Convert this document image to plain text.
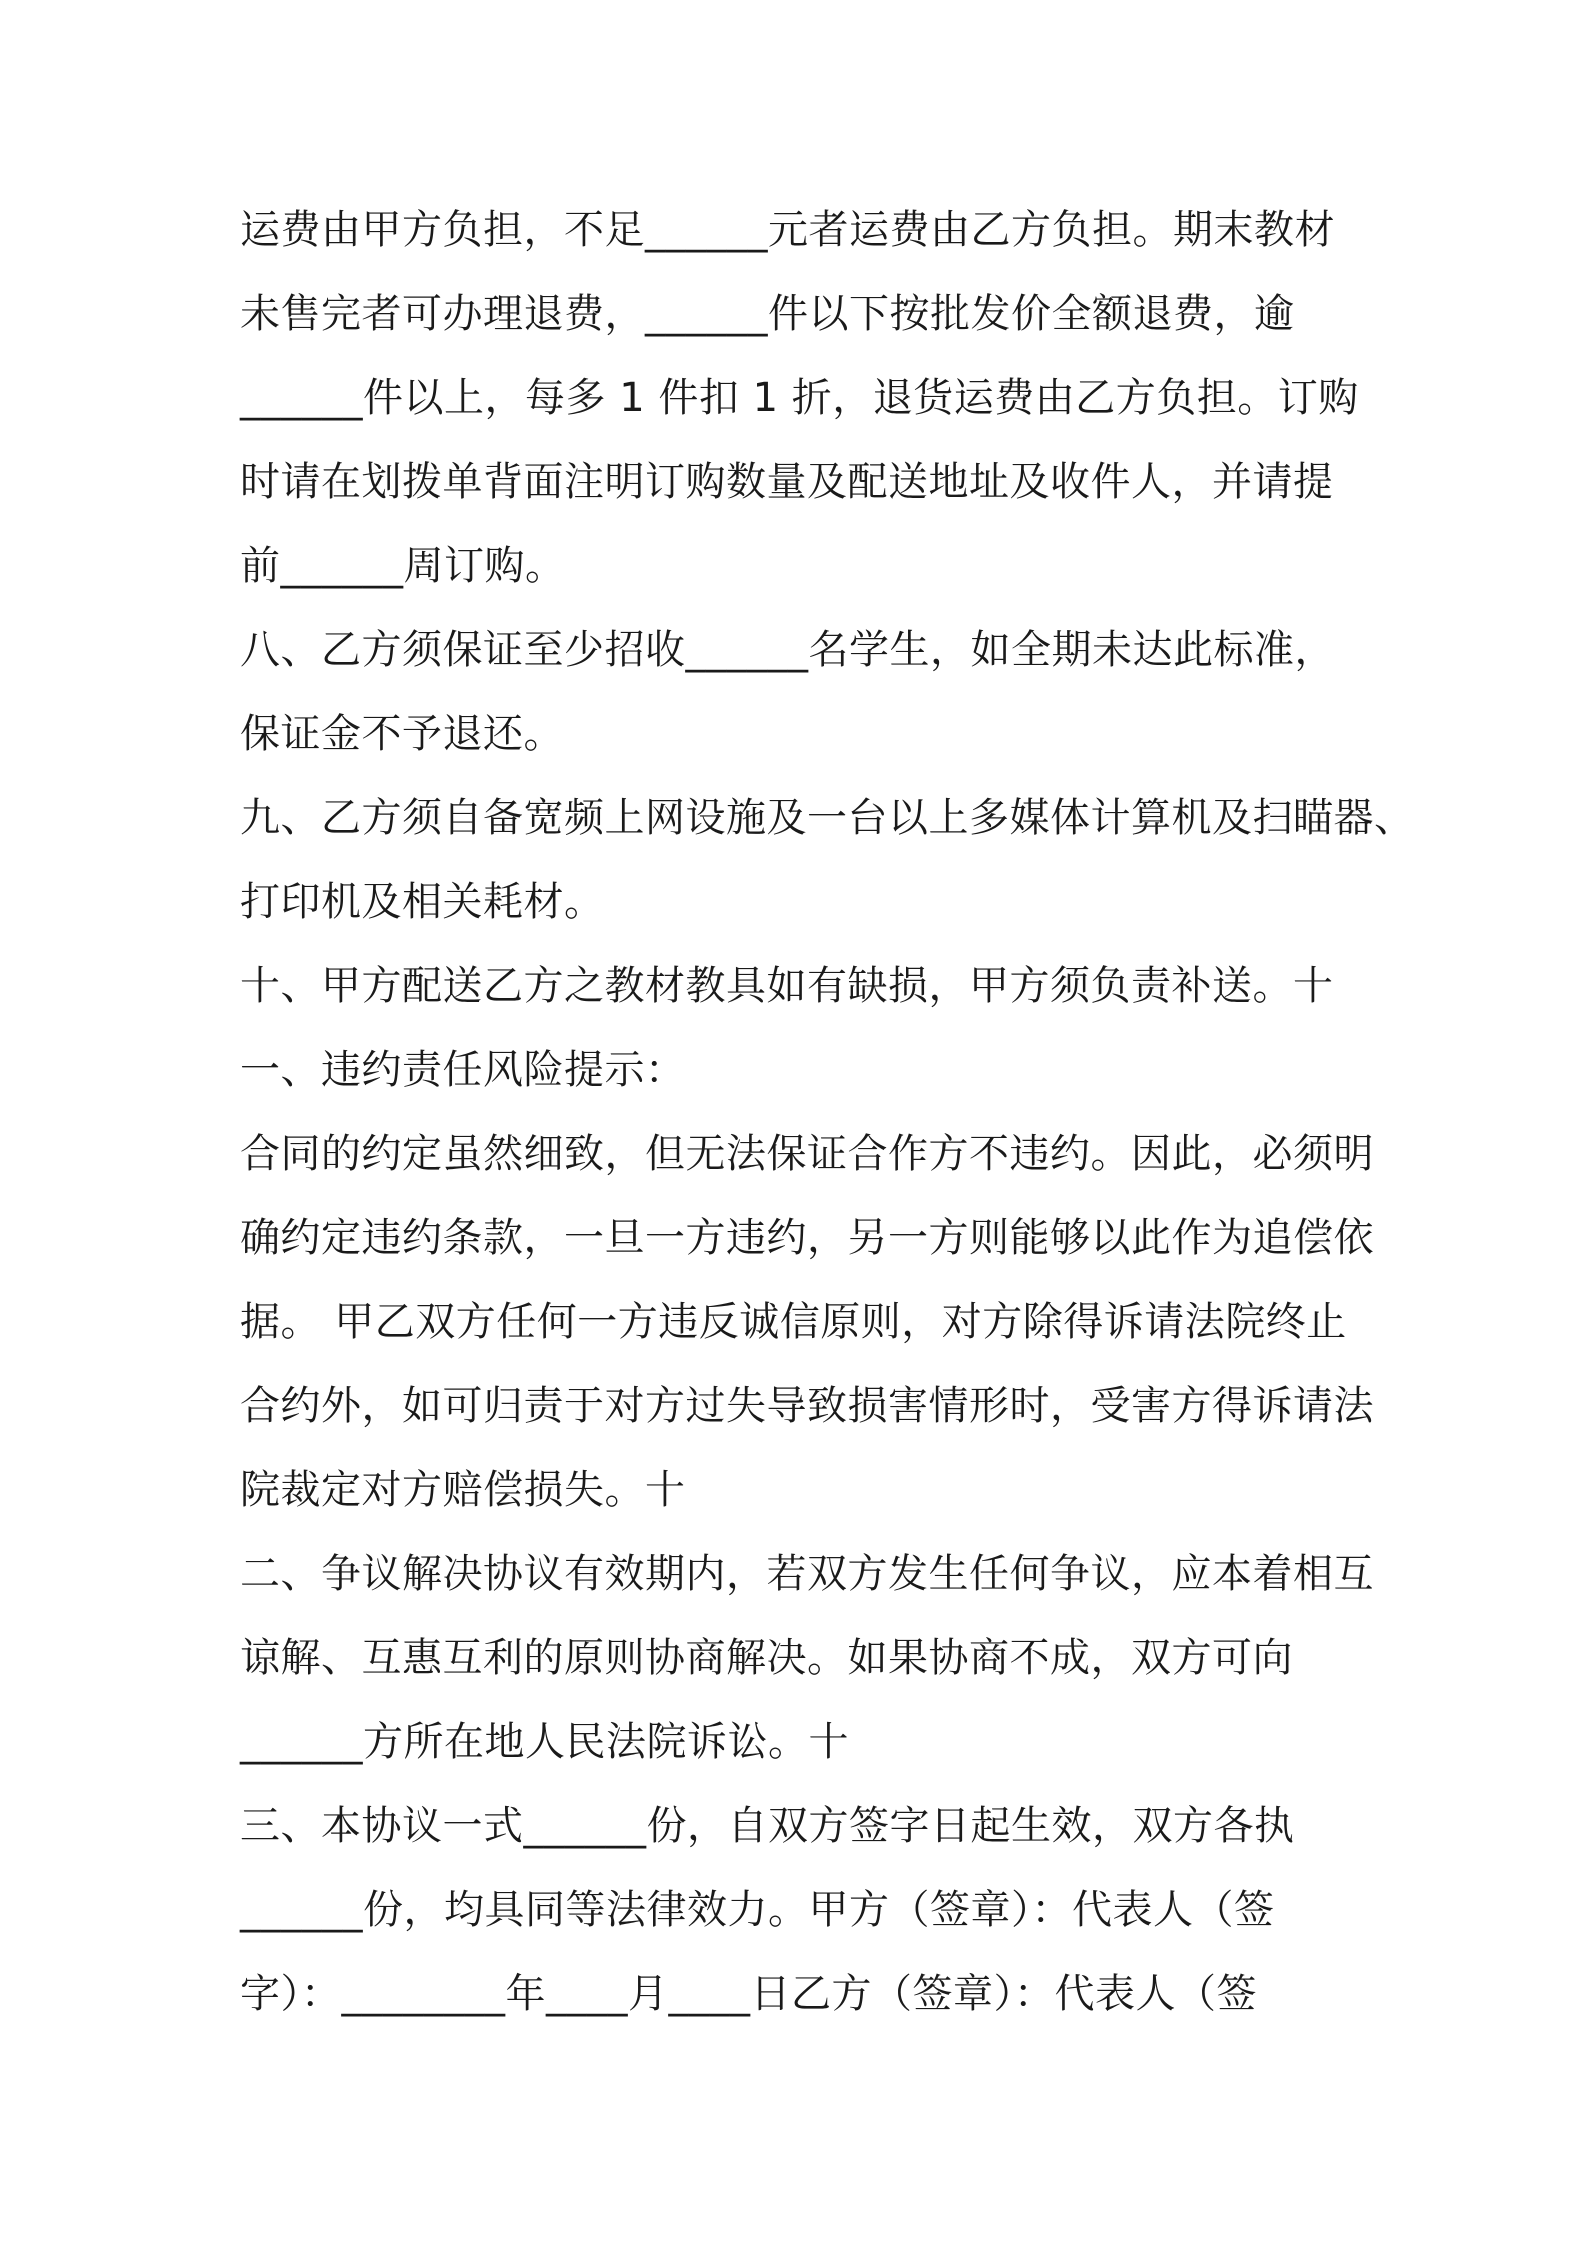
运费由甲方负担，不足______元者运费由乙方负担。期末教材
未售完者可办理退费，______件以下按批发价全额退费，逾
______件以上，每多 1 件扣 1 折，退货运费由乙方负担。订购
时请在划拨单背面注明订购数量及配送地址及收件人，并请提
前______周订购。
八、乙方须保证至少招收______名学生，如全期未达此标准，
保证金不予退还。
九、乙方须自备宽频上网设施及一台以上多媒体计算机及扫瞄器、
打印机及相关耗材。
十、甲方配送乙方之教材教具如有缺损，甲方须负责补送。十
一、违约责任风险提示：
合同的约定虽然细致，但无法保证合作方不违约。因此，必须明
确约定违约条款，一旦一方违约，另一方则能够以此作为追偿依
据。 甲乙双方任何一方违反诚信原则，对方除得诉请法院终止
合约外，如可归责于对方过失导致损害情形时，受害方得诉请法
院裁定对方赔偿损失。十
二、争议解决协议有效期内，若双方发生任何争议，应本着相互
谅解、互惠互利的原则协商解决。如果协商不成，双方可向
______方所在地人民法院诉讼。十
三、本协议一式______份，自双方签字日起生效，双方各执
______份，均具同等法律效力。甲方（签章）：代表人（签
字）：________年____月____日乙方（签章）：代表人（签
